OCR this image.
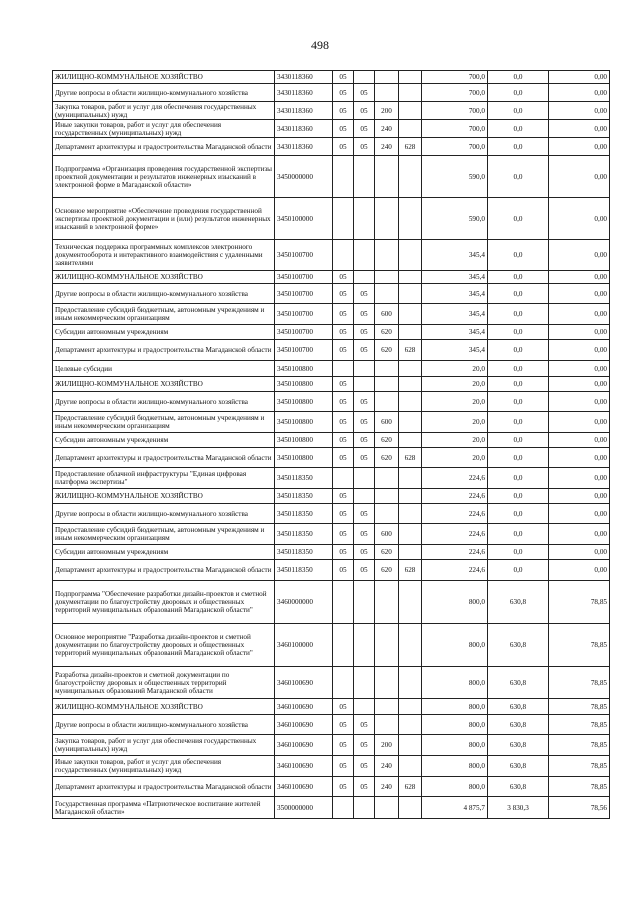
498
ЖИЛИЩНО-КОММУНАЛЬНОЕ ХОЗЯЙСТВО	3430118360	05				700,0	0,0	0,00
Другие вопросы в области жилищно-коммунального хозяйства	3430118360	05	05			700,0	0,0	0,00
Закупка товаров, работ и услуг для обеспечения государственных (муниципальных) нужд	3430118360	05	05	200		700,0	0,0	0,00
Иные закупки товаров, работ и услуг для обеспечения государственных (муниципальных) нужд	3430118360	05	05	240		700,0	0,0	0,00
Департамент архитектуры и градостроительства Магаданской области	3430118360	05	05	240	628	700,0	0,0	0,00
Подпрограмма «Организация проведения государственной экспертизы проектной документации и результатов инженерных изысканий в электронной форме в Магаданской области»	3450000000					590,0	0,0	0,00
Основное мероприятие «Обеспечение проведения государственной экспертизы проектной документации и (или) результатов инженерных изысканий в электронной форме»	3450100000					590,0	0,0	0,00
Техническая поддержка программных комплексов электронного документооборота и интерактивного взаимодействия с удаленными заявителями	3450100700					345,4	0,0	0,00
ЖИЛИЩНО-КОММУНАЛЬНОЕ ХОЗЯЙСТВО	3450100700	05				345,4	0,0	0,00
Другие вопросы в области жилищно-коммунального хозяйства	3450100700	05	05			345,4	0,0	0,00
Предоставление субсидий бюджетным, автономным учреждениям и иным некоммерческим организациям	3450100700	05	05	600		345,4	0,0	0,00
Субсидии автономным учреждениям	3450100700	05	05	620		345,4	0,0	0,00
Департамент архитектуры и градостроительства Магаданской области	3450100700	05	05	620	628	345,4	0,0	0,00
Целевые субсидии	3450100800					20,0	0,0	0,00
ЖИЛИЩНО-КОММУНАЛЬНОЕ ХОЗЯЙСТВО	3450100800	05				20,0	0,0	0,00
Другие вопросы в области жилищно-коммунального хозяйства	3450100800	05	05			20,0	0,0	0,00
Предоставление субсидий бюджетным, автономным учреждениям и иным некоммерческим организациям	3450100800	05	05	600		20,0	0,0	0,00
Субсидии автономным учреждениям	3450100800	05	05	620		20,0	0,0	0,00
Департамент архитектуры и градостроительства Магаданской области	3450100800	05	05	620	628	20,0	0,0	0,00
Предоставление облачной инфраструктуры "Единая цифровая платформа экспертизы"	3450118350					224,6	0,0	0,00
ЖИЛИЩНО-КОММУНАЛЬНОЕ ХОЗЯЙСТВО	3450118350	05				224,6	0,0	0,00
Другие вопросы в области жилищно-коммунального хозяйства	3450118350	05	05			224,6	0,0	0,00
Предоставление субсидий бюджетным, автономным учреждениям и иным некоммерческим организациям	3450118350	05	05	600		224,6	0,0	0,00
Субсидии автономным учреждениям	3450118350	05	05	620		224,6	0,0	0,00
Департамент архитектуры и градостроительства Магаданской области	3450118350	05	05	620	628	224,6	0,0	0,00
Подпрограмма "Обеспечение разработки дизайн-проектов и сметной документации по благоустройству дворовых и общественных территорий муниципальных образований Магаданской области"	3460000000					800,0	630,8	78,85
Основное мероприятие "Разработка дизайн-проектов и сметной документации по благоустройству дворовых и общественных территорий муниципальных образований Магаданской области"	3460100000					800,0	630,8	78,85
Разработка дизайн-проектов и сметной документации по благоустройству дворовых и общественных территорий муниципальных образований Магаданской области	3460100690					800,0	630,8	78,85
ЖИЛИЩНО-КОММУНАЛЬНОЕ ХОЗЯЙСТВО	3460100690	05				800,0	630,8	78,85
Другие вопросы в области жилищно-коммунального хозяйства	3460100690	05	05			800,0	630,8	78,85
Закупка товаров, работ и услуг для обеспечения государственных (муниципальных) нужд	3460100690	05	05	200		800,0	630,8	78,85
Иные закупки товаров, работ и услуг для обеспечения государственных (муниципальных) нужд	3460100690	05	05	240		800,0	630,8	78,85
Департамент архитектуры и градостроительства Магаданской области	3460100690	05	05	240	628	800,0	630,8	78,85
Государственная программа «Патриотическое воспитание жителей Магаданской области»	3500000000					4 875,7	3 830,3	78,56
